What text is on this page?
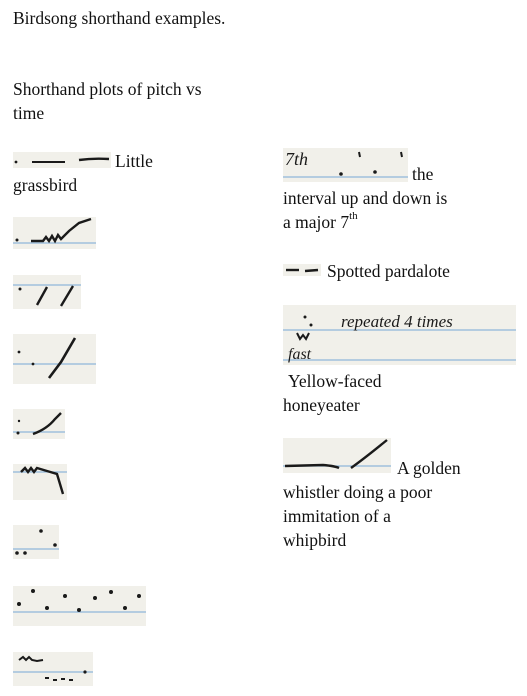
Birdsong shorthand examples.
Shorthand plots of pitch vs time
Little
grassbird
7th
the
interval up and down is
a major 7th
Spotted pardalote
repeated 4 times
fast
Yellow-faced
honeyeater
A golden
whistler doing a poor
immitation of a
whipbird
